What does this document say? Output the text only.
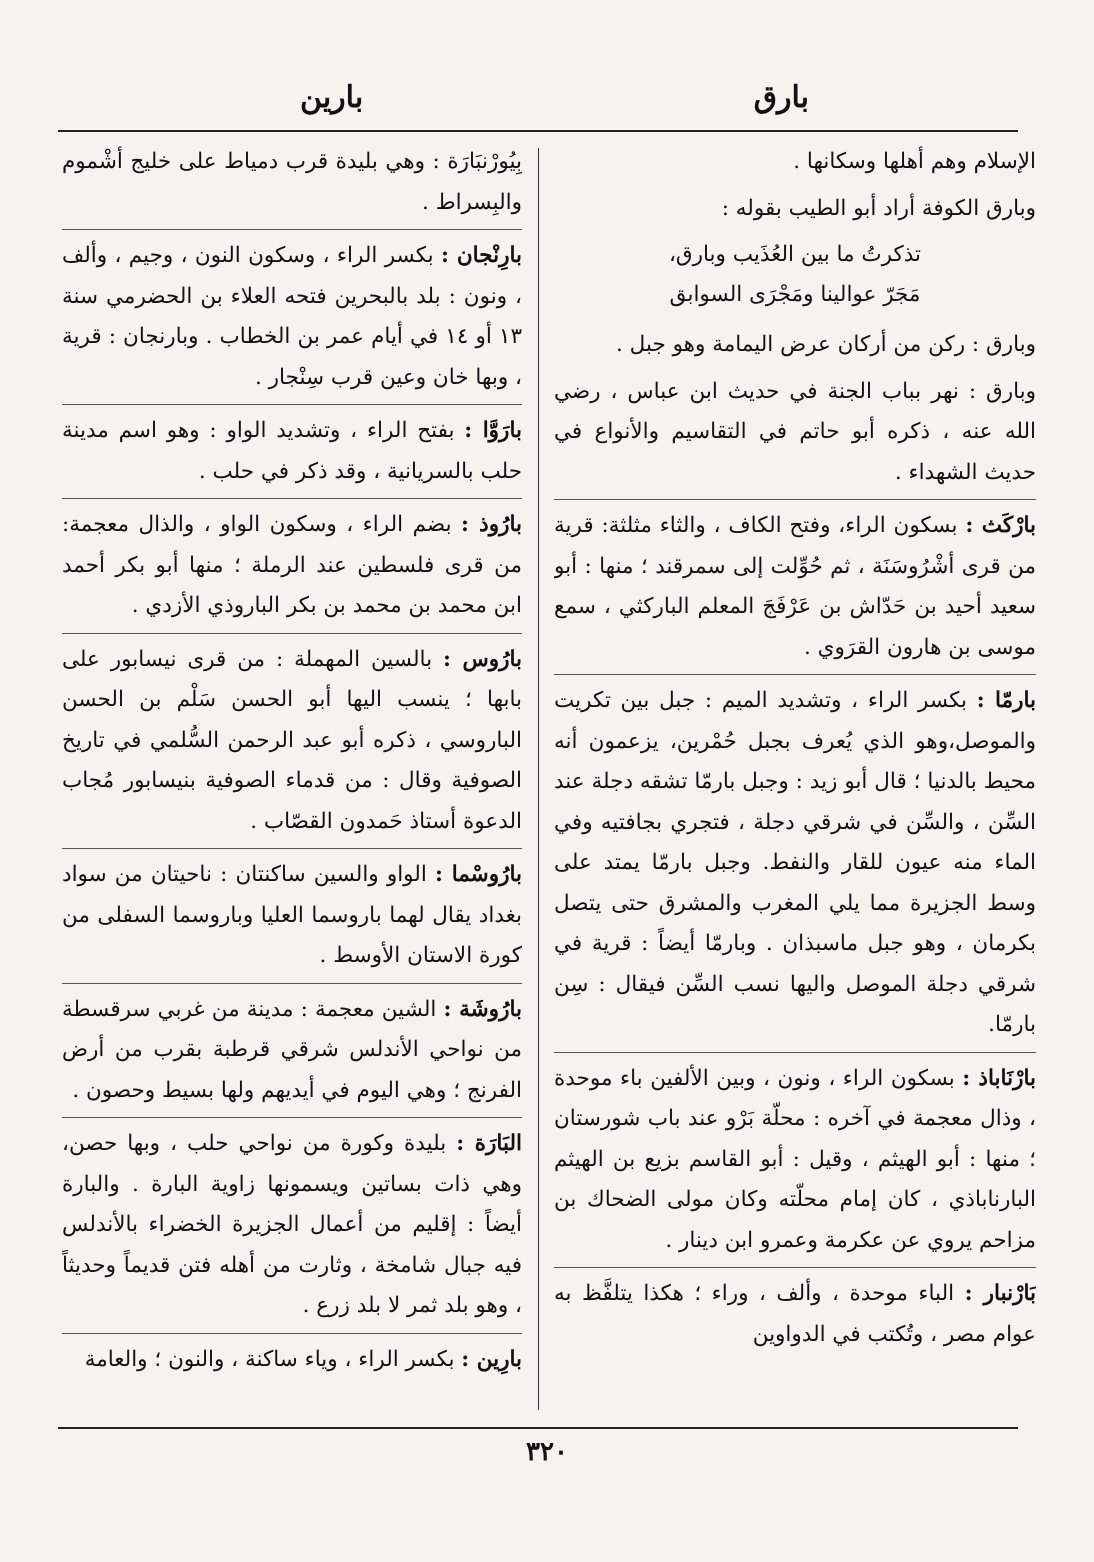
بارق
بارين

الإسلام وهم أهلها وسكانها .

وبارق الكوفة أراد أبو الطيب بقوله :

تذكرتُ ما بين العُذَيب وبارق،
مَجَرّ عوالينا ومَجْرَى السوابق

وبارق : ركن من أركان عرض اليمامة وهو جبل .

وبارق : نهر بباب الجنة في حديث ابن عباس ، رضي الله عنه ، ذكره أبو حاتم في التقاسيم والأنواع في حديث الشهداء .

بارْكَث : بسكون الراء، وفتح الكاف ، والثاء مثلثة: قرية من قرى أشْرُوسَنَة ، ثم حُوِّلت إلى سمرقند ؛ منها : أبو سعيد أحيد بن حَدّاش بن عَرْفَجَ المعلم الباركثي ، سمع موسى بن هارون القرَوي .

بارمّا : بكسر الراء ، وتشديد الميم : جبل بين تكريت والموصل،وهو الذي يُعرف بجبل حُمْرين، يزعمون أنه محيط بالدنيا ؛ قال أبو زيد : وجبل بارمّا تشقه دجلة عند السِّن ، والسِّن في شرقي دجلة ، فتجري بجافتيه وفي الماء منه عيون للقار والنفط. وجبل بارمّا يمتد على وسط الجزيرة مما يلي المغرب والمشرق حتى يتصل بكرمان ، وهو جبل ماسبذان . وبارمّا أيضاً : قرية في شرقي دجلة الموصل واليها نسب السِّن فيقال : سِن بارمّا.

بارْنَاباذ : بسكون الراء ، ونون ، وبين الألفين باء موحدة ، وذال معجمة في آخره : محلّة بَرْو عند باب شورستان ؛ منها : أبو الهيثم ، وقيل : أبو القاسم بزيع بن الهيثم البارناباذي ، كان إمام محلّته وكان مولى الضحاك بن مزاحم يروي عن عكرمة وعمرو ابن دينار .

بَارْنبار : الباء موحدة ، وألف ، وراء ؛ هكذا يتلفَّظ به عوام مصر ، وتُكتب في الدواوين

بِيُورْنبَارَة : وهي بليدة قرب دمياط على خليج أشْموم والبِسراط .

بارِنْجان : بكسر الراء ، وسكون النون ، وجيم ، وألف ، ونون : بلد بالبحرين فتحه العلاء بن الحضرمي سنة ١٣ أو ١٤ في أيام عمر بن الخطاب . وبارنجان : قرية ، وبها خان وعين قرب سِنْجار .

بارَوَّا : بفتح الراء ، وتشديد الواو : وهو اسم مدينة حلب بالسريانية ، وقد ذكر في حلب .

بارُوذ : بضم الراء ، وسكون الواو ، والذال معجمة: من قرى فلسطين عند الرملة ؛ منها أبو بكر أحمد ابن محمد بن محمد بن بكر الباروذي الأزدي .

بارُوس : بالسين المهملة : من قرى نيسابور على بابها ؛ ينسب اليها أبو الحسن سَلْم بن الحسن الباروسي ، ذكره أبو عبد الرحمن السُّلمي في تاريخ الصوفية وقال : من قدماء الصوفية بنيسابور مُجاب الدعوة أستاذ حَمدون القصّاب .

بارُوسْما : الواو والسين ساكنتان : ناحيتان من سواد بغداد يقال لهما باروسما العليا وباروسما السفلى من كورة الاستان الأوسط .

بارُوشَة : الشين معجمة : مدينة من غربي سرقسطة من نواحي الأندلس شرقي قرطبة بقرب من أرض الفرنج ؛ وهي اليوم في أيديهم ولها بسيط وحصون .

البَارَة : بليدة وكورة من نواحي حلب ، وبها حصن، وهي ذات بساتين ويسمونها زاوية البارة . والبارة أيضاً : إقليم من أعمال الجزيرة الخضراء بالأندلس فيه جبال شامخة ، وثارت من أهله فتن قديماً وحديثاً ، وهو بلد ثمر لا بلد زرع .

بارِين : بكسر الراء ، وياء ساكنة ، والنون ؛ والعامة

٣٢٠
